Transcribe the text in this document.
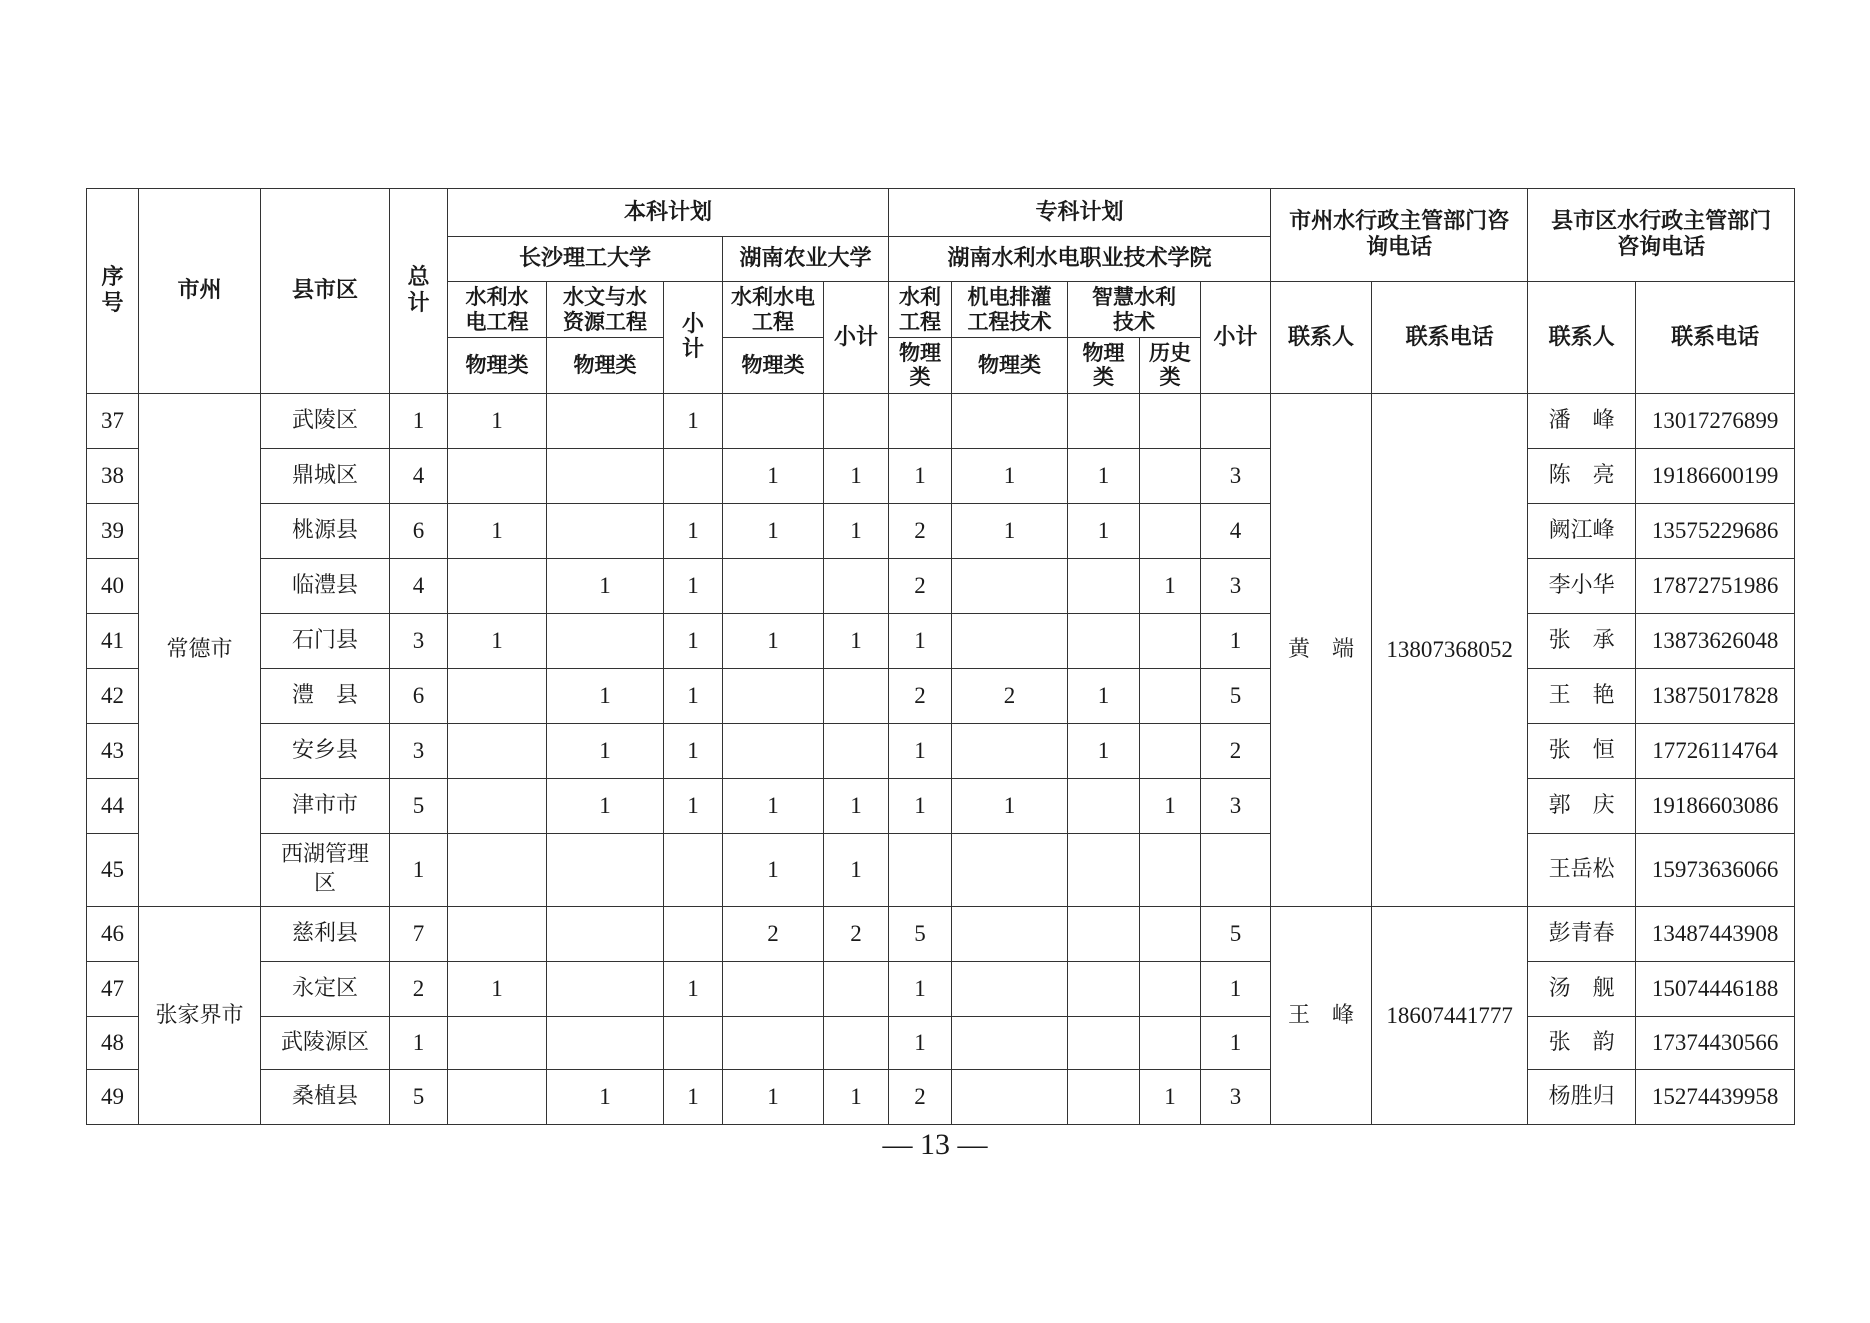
序号	市州	县市区	总计	本科计划					专科计划					市州水行政主管部门咨询电话		县市区水行政主管部门咨询电话	
				长沙理工大学			湖南农业大学		湖南水利水电职业技术学院								
				水利水电工程	水文与水资源工程	小计	水利水电工程	小计	水利工程	机电排灌工程技术	智慧水利技术		小计	联系人	联系电话	联系人	联系电话
				物理类	物理类		物理类		物理类	物理类	物理类	历史类					
37	常德市	武陵区	1	1		1								黄　端	13807368052	潘　峰	13017276899
38		鼎城区	4				1	1	1	1	1		3			陈　亮	19186600199
39		桃源县	6	1		1	1	1	2	1	1		4			阙江峰	13575229686
40		临澧县	4		1	1			2			1	3			李小华	17872751986
41		石门县	3	1		1	1	1	1				1			张　承	13873626048
42		澧　县	6		1	1			2	2	1		5			王　艳	13875017828
43		安乡县	3		1	1			1		1		2			张　恒	17726114764
44		津市市	5		1	1	1	1	1	1		1	3			郭　庆	19186603086
45		西湖管理区	1				1	1								王岳松	15973636066
46	张家界市	慈利县	7				2	2	5				5	王　峰	18607441777	彭青春	13487443908
47		永定区	2	1		1			1				1			汤　舰	15074446188
48		武陵源区	1						1				1			张　韵	17374430566
49		桑植县	5		1	1	1	1	2			1	3			杨胜归	15274439958
— 13 —
